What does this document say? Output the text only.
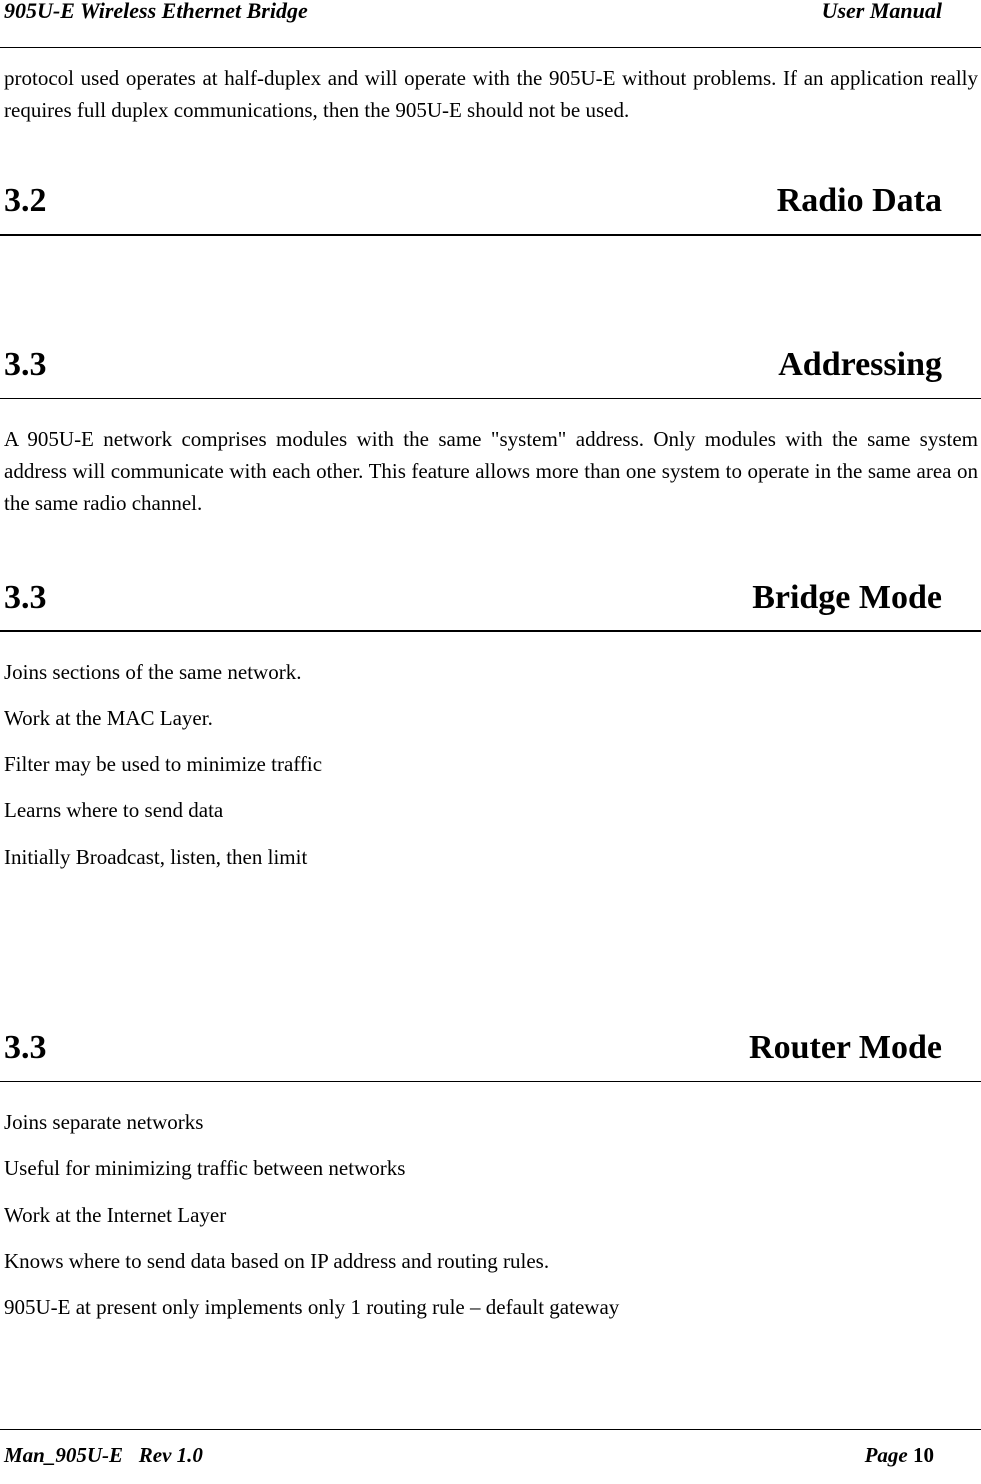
905U-E Wireless Ethernet Bridge	User Manual

protocol used operates at half-duplex and will operate with the 905U-E without problems. If an application really requires full duplex communications, then the 905U-E should not be used.

3.2	Radio Data
3.3	Addressing

A 905U-E network comprises modules with the same "system" address. Only modules with the same system address will communicate with each other. This feature allows more than one system to operate in the same area on the same radio channel.

3.3	Bridge Mode
Joins sections of the same network.
Work at the MAC Layer.
Filter may be used to minimize traffic
Learns where to send data
Initially Broadcast, listen, then limit
3.3	Router Mode
Joins separate networks
Useful for minimizing traffic between networks
Work at the Internet Layer
Knows where to send data based on IP address and routing rules.
905U-E at present only implements only 1 routing rule – default gateway
Man_905U-E   Rev 1.0	Page 10
